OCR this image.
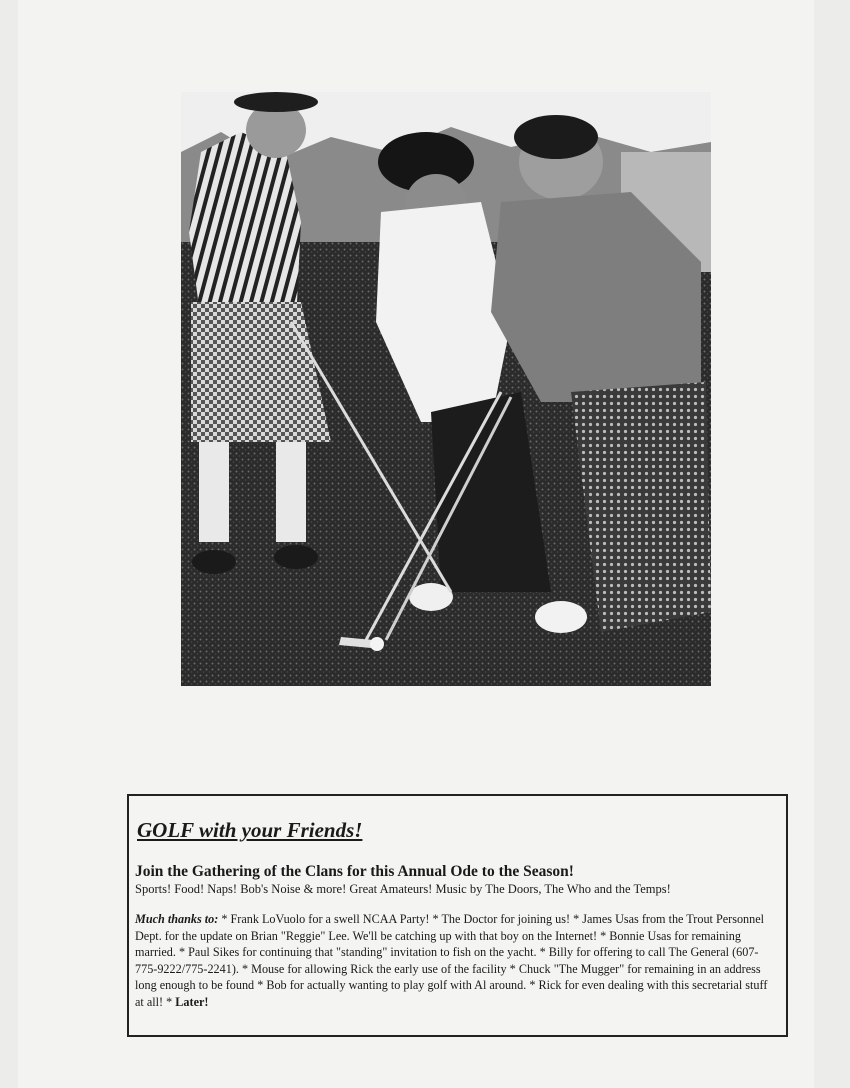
GOLF with your Friends!
Join the Gathering of the Clans for this Annual Ode to the Season!
Sports! Food! Naps! Bob's Noise & more! Great Amateurs! Music by The Doors, The Who and the Temps!

Much thanks to: * Frank LoVuolo for a swell NCAA Party! * The Doctor for joining us! * James Usas from the Trout Personnel Dept. for the update on Brian "Reggie" Lee. We'll be catching up with that boy on the Internet! * Bonnie Usas for remaining married. * Paul Sikes for continuing that "standing" invitation to fish on the yacht. * Billy for offering to call The General (607-775-9222/775-2241). * Mouse for allowing Rick the early use of the facility * Chuck "The Mugger" for remaining in an address long enough to be found * Bob for actually wanting to play golf with Al around. * Rick for even dealing with this secretarial stuff at all! * Later!
